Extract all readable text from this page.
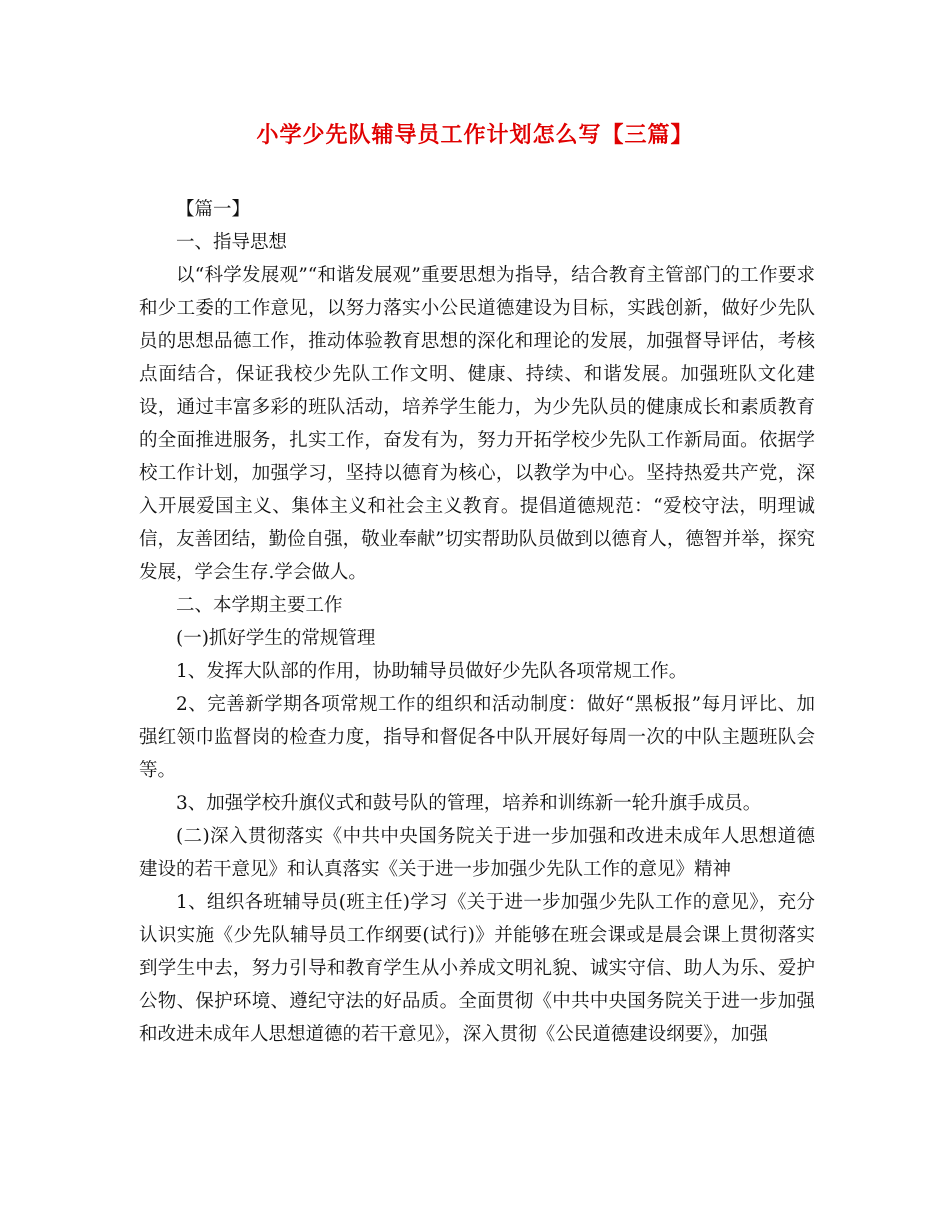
小学少先队辅导员工作计划怎么写【三篇】

【篇一】

一、指导思想

以“科学发展观”“和谐发展观”重要思想为指导，结合教育主管部门的工作要求和少工委的工作意见，以努力落实小公民道德建设为目标，实践创新，做好少先队员的思想品德工作，推动体验教育思想的深化和理论的发展，加强督导评估，考核点面结合，保证我校少先队工作文明、健康、持续、和谐发展。加强班队文化建设，通过丰富多彩的班队活动，培养学生能力，为少先队员的健康成长和素质教育的全面推进服务，扎实工作，奋发有为，努力开拓学校少先队工作新局面。依据学校工作计划，加强学习，坚持以德育为核心，以教学为中心。坚持热爱共产党，深入开展爱国主义、集体主义和社会主义教育。提倡道德规范：“爱校守法，明理诚信，友善团结，勤俭自强，敬业奉献”切实帮助队员做到以德育人，德智并举，探究发展，学会生存.学会做人。

二、本学期主要工作

(一)抓好学生的常规管理

1、发挥大队部的作用，协助辅导员做好少先队各项常规工作。

2、完善新学期各项常规工作的组织和活动制度：做好“黑板报”每月评比、加强红领巾监督岗的检查力度，指导和督促各中队开展好每周一次的中队主题班队会等。

3、加强学校升旗仪式和鼓号队的管理，培养和训练新一轮升旗手成员。

(二)深入贯彻落实《中共中央国务院关于进一步加强和改进未成年人思想道德建设的若干意见》和认真落实《关于进一步加强少先队工作的意见》精神

1、组织各班辅导员(班主任)学习《关于进一步加强少先队工作的意见》，充分认识实施《少先队辅导员工作纲要(试行)》并能够在班会课或是晨会课上贯彻落实到学生中去，努力引导和教育学生从小养成文明礼貌、诚实守信、助人为乐、爱护公物、保护环境、遵纪守法的好品质。全面贯彻《中共中央国务院关于进一步加强和改进未成年人思想道德的若干意见》，深入贯彻《公民道德建设纲要》，加强
